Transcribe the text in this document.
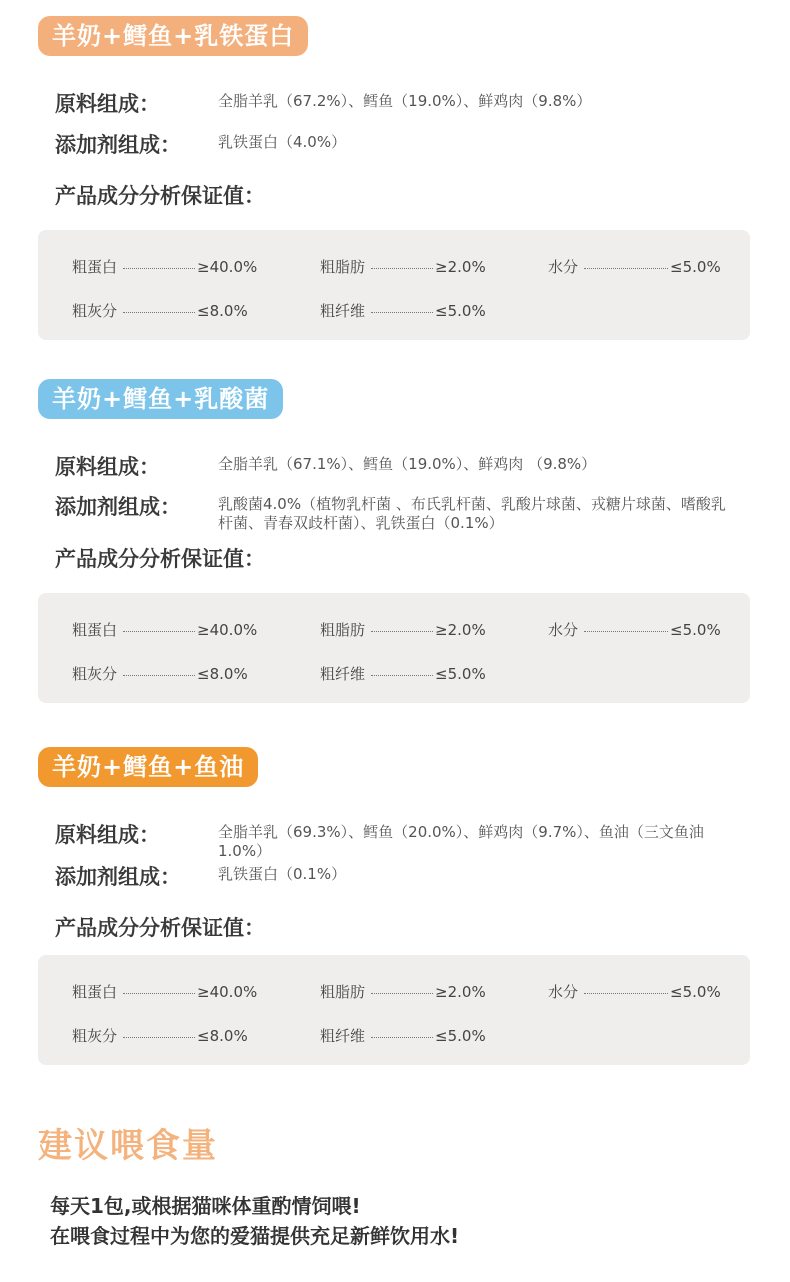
羊奶+鳕鱼+乳铁蛋白
原料组成：	全脂羊乳（67.2%）、鳕鱼（19.0%）、鲜鸡肉（9.8%）
添加剂组成： 乳铁蛋白（4.0%）
产品成分分析保证值：
粗蛋白	≥40.0%	粗脂肪	≥2.0%	水分	≤5.0%
粗灰分	≤8.0%	粗纤维	≤5.0%
羊奶+鳕鱼+乳酸菌
原料组成：	全脂羊乳（67.1%）、鳕鱼（19.0%）、鲜鸡肉 （9.8%）
添加剂组成： 乳酸菌4.0%（植物乳杆菌 、布氏乳杆菌、乳酸片球菌、戎糖片球菌、嗜酸乳杆菌、青春双歧杆菌）、乳铁蛋白（0.1%）
产品成分分析保证值：
粗蛋白	≥40.0%	粗脂肪	≥2.0%	水分	≤5.0%
粗灰分	≤8.0%	粗纤维	≤5.0%
羊奶+鳕鱼+鱼油
原料组成：	全脂羊乳（69.3%）、鳕鱼（20.0%）、鲜鸡肉（9.7%）、鱼油（三文鱼油 1.0%）
添加剂组成： 乳铁蛋白（0.1%）
产品成分分析保证值：
粗蛋白	≥40.0%	粗脂肪	≥2.0%	水分	≤5.0%
粗灰分	≤8.0%	粗纤维	≤5.0%
建议喂食量
每天1包,或根据猫咪体重酌情饲喂!
在喂食过程中为您的爱猫提供充足新鲜饮用水!
